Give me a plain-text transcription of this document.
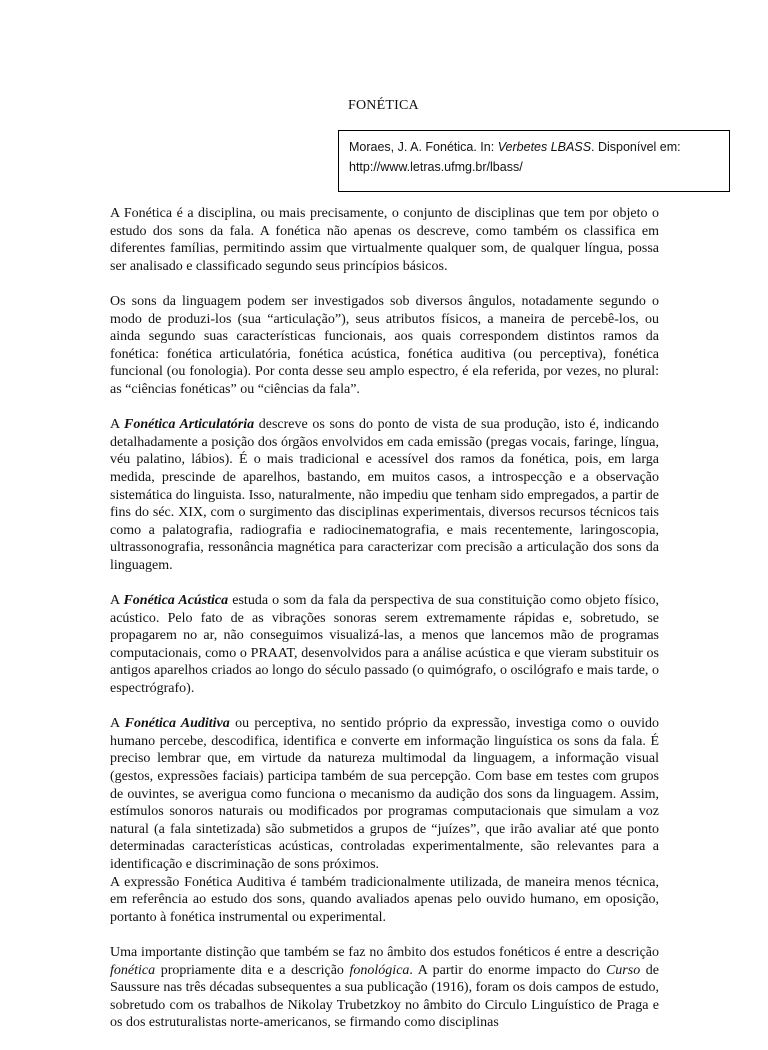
FONÉTICA
Moraes, J. A. Fonética. In: Verbetes LBASS. Disponível em:
http://www.letras.ufmg.br/lbass/

A Fonética é a disciplina, ou mais precisamente, o conjunto de disciplinas que tem por objeto o estudo dos sons da fala. A fonética não apenas os descreve, como também os classifica em diferentes famílias, permitindo assim que virtualmente qualquer som, de qualquer língua, possa ser analisado e classificado segundo seus princípios básicos.

Os sons da linguagem podem ser investigados sob diversos ângulos, notadamente segundo o modo de produzi-los (sua “articulação”), seus atributos físicos, a maneira de percebê-los, ou ainda segundo suas características funcionais, aos quais correspondem distintos ramos da fonética: fonética articulatória, fonética acústica, fonética auditiva (ou perceptiva), fonética funcional (ou fonologia). Por conta desse seu amplo espectro, é ela referida, por vezes, no plural: as “ciências fonéticas” ou “ciências da fala”.

A Fonética Articulatória descreve os sons do ponto de vista de sua produção, isto é, indicando detalhadamente a posição dos órgãos envolvidos em cada emissão (pregas vocais, faringe, língua, véu palatino, lábios). É o mais tradicional e acessível dos ramos da fonética, pois, em larga medida, prescinde de aparelhos, bastando, em muitos casos, a introspecção e a observação sistemática do linguista. Isso, naturalmente, não impediu que tenham sido empregados, a partir de fins do séc. XIX, com o surgimento das disciplinas experimentais, diversos recursos técnicos tais como a palatografia, radiografia e radiocinematografia, e mais recentemente, laringoscopia, ultrassonografia, ressonância magnética para caracterizar com precisão a articulação dos sons da linguagem.

A Fonética Acústica estuda o som da fala da perspectiva de sua constituição como objeto físico, acústico. Pelo fato de as vibrações sonoras serem extremamente rápidas e, sobretudo, se propagarem no ar, não conseguimos visualizá-las, a menos que lancemos mão de programas computacionais, como o PRAAT, desenvolvidos para a análise acústica e que vieram substituir os antigos aparelhos criados ao longo do século passado (o quimógrafo, o oscilógrafo e mais tarde, o espectrógrafo).

A Fonética Auditiva ou perceptiva, no sentido próprio da expressão, investiga como o ouvido humano percebe, descodifica, identifica e converte em informação linguística os sons da fala. É preciso lembrar que, em virtude da natureza multimodal da linguagem, a informação visual (gestos, expressões faciais) participa também de sua percepção. Com base em testes com grupos de ouvintes, se averigua como funciona o mecanismo da audição dos sons da linguagem. Assim, estímulos sonoros naturais ou modificados por programas computacionais que simulam a voz natural (a fala sintetizada) são submetidos a grupos de “juízes”, que irão avaliar até que ponto determinadas características acústicas, controladas experimentalmente, são relevantes para a identificação e discriminação de sons próximos.

A expressão Fonética Auditiva é também tradicionalmente utilizada, de maneira menos técnica, em referência ao estudo dos sons, quando avaliados apenas pelo ouvido humano, em oposição, portanto à fonética instrumental ou experimental.

Uma importante distinção que também se faz no âmbito dos estudos fonéticos é entre a descrição fonética propriamente dita e a descrição fonológica. A partir do enorme impacto do Curso de Saussure nas três décadas subsequentes a sua publicação (1916), foram os dois campos de estudo, sobretudo com os trabalhos de Nikolay Trubetzkoy no âmbito do Circulo Linguístico de Praga e os dos estruturalistas norte-americanos, se firmando como disciplinas
